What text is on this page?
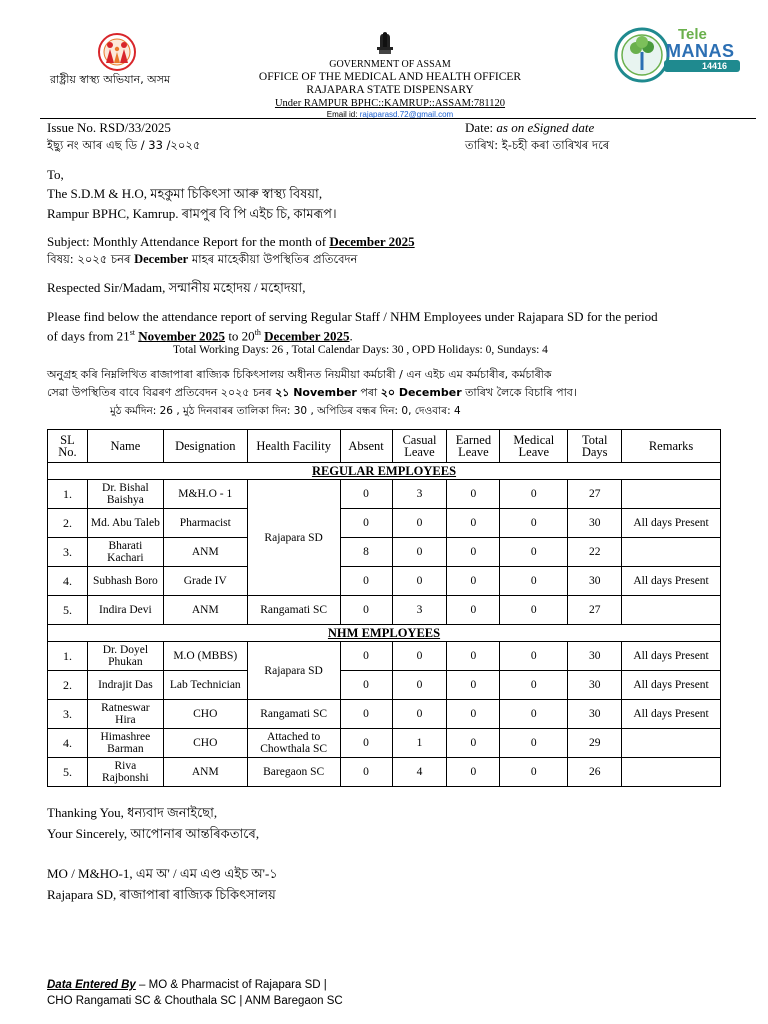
রাষ্ট্ৰীয় স্বাস্থ্য অভিযান, অসম
GOVERNMENT OF ASSAM
OFFICE OF THE MEDICAL AND HEALTH OFFICER
RAJAPARA STATE DISPENSARY
Under RAMPUR BPHC::KAMRUP::ASSAM:781120
Email id: rajaparasd.72@gmail.com
Tele
MANAS
14416
Issue No. RSD/33/2025
ইছ্যু নং আৰ এছ ডি / 33 /২০২৫
Date: as on eSigned date
তাৰিখ: ই-চহী কৰা তাৰিখৰ দৰে
To,
The S.D.M & H.O, মহকুমা চিকিৎসা আৰু স্বাস্থ্য বিষয়া,
Rampur BPHC, Kamrup. ৰামপুৰ বি পি এইচ চি, কামৰূপ।
Subject: Monthly Attendance Report for the month of December 2025
বিষয়: ২০২৫ চনৰ December মাহৰ মাহেকীয়া উপস্থিতিৰ প্ৰতিবেদন
Respected Sir/Madam, সন্মানীয় মহোদয় / মহোদয়া,
Please find below the attendance report of serving Regular Staff / NHM Employees under Rajapara SD for the period
of days from 21st November 2025 to 20th December 2025.
Total Working Days: 26 , Total Calendar Days: 30 , OPD Holidays: 0, Sundays: 4
অনুগ্ৰহ কৰি নিম্নলিখিত ৰাজাপাৰা ৰাজ্যিক চিকিৎসালয় অধীনত নিয়মীয়া কৰ্মচাৰী / এন এইচ এম কৰ্মচাৰীৰ, কৰ্মচাৰীক
সেৱা উপস্থিতিৰ বাবে বিৱৰণ প্ৰতিবেদন ২০২৫ চনৰ ২১ November পৰা ২০ December তাৰিখ লৈকে বিচাৰি পাব।
মুঠ কৰ্মদিন: 26 , মুঠ দিনবাৰৰ তালিকা দিন: 30 , অপিডিৰ বন্ধৰ দিন: 0, দেওবাৰ: 4
SL No.	Name	Designation	Health Facility	Absent	Casual Leave	Earned Leave	Medical Leave	Total Days	Remarks
REGULAR EMPLOYEES									
1.	Dr. Bishal Baishya	M&H.O - 1	Rajapara SD	0	3	0	0	27	
2.	Md. Abu Taleb	Pharmacist		0	0	0	0	30	All days Present
3.	Bharati Kachari	ANM		8	0	0	0	22	
4.	Subhash Boro	Grade IV		0	0	0	0	30	All days Present
5.	Indira Devi	ANM	Rangamati SC	0	3	0	0	27	
NHM EMPLOYEES									
1.	Dr. Doyel Phukan	M.O (MBBS)	Rajapara SD	0	0	0	0	30	All days Present
2.	Indrajit Das	Lab Technician		0	0	0	0	30	All days Present
3.	Ratneswar Hira	CHO	Rangamati SC	0	0	0	0	30	All days Present
4.	Himashree Barman	CHO	Attached to Chowthala SC	0	1	0	0	29	
5.	Riva Rajbonshi	ANM	Baregaon SC	0	4	0	0	26	
Thanking You, ধন্যবাদ জনাইছো,
Your Sincerely, আপোনাৰ আন্তৰিকতাৰে,
MO / M&HO-1, এম অ' / এম এণ্ড এইচ অ'-১
Rajapara SD, ৰাজাপাৰা ৰাজ্যিক চিকিৎসালয়
Data Entered By – MO & Pharmacist of Rajapara SD |
CHO Rangamati SC & Chouthala SC | ANM Baregaon SC
